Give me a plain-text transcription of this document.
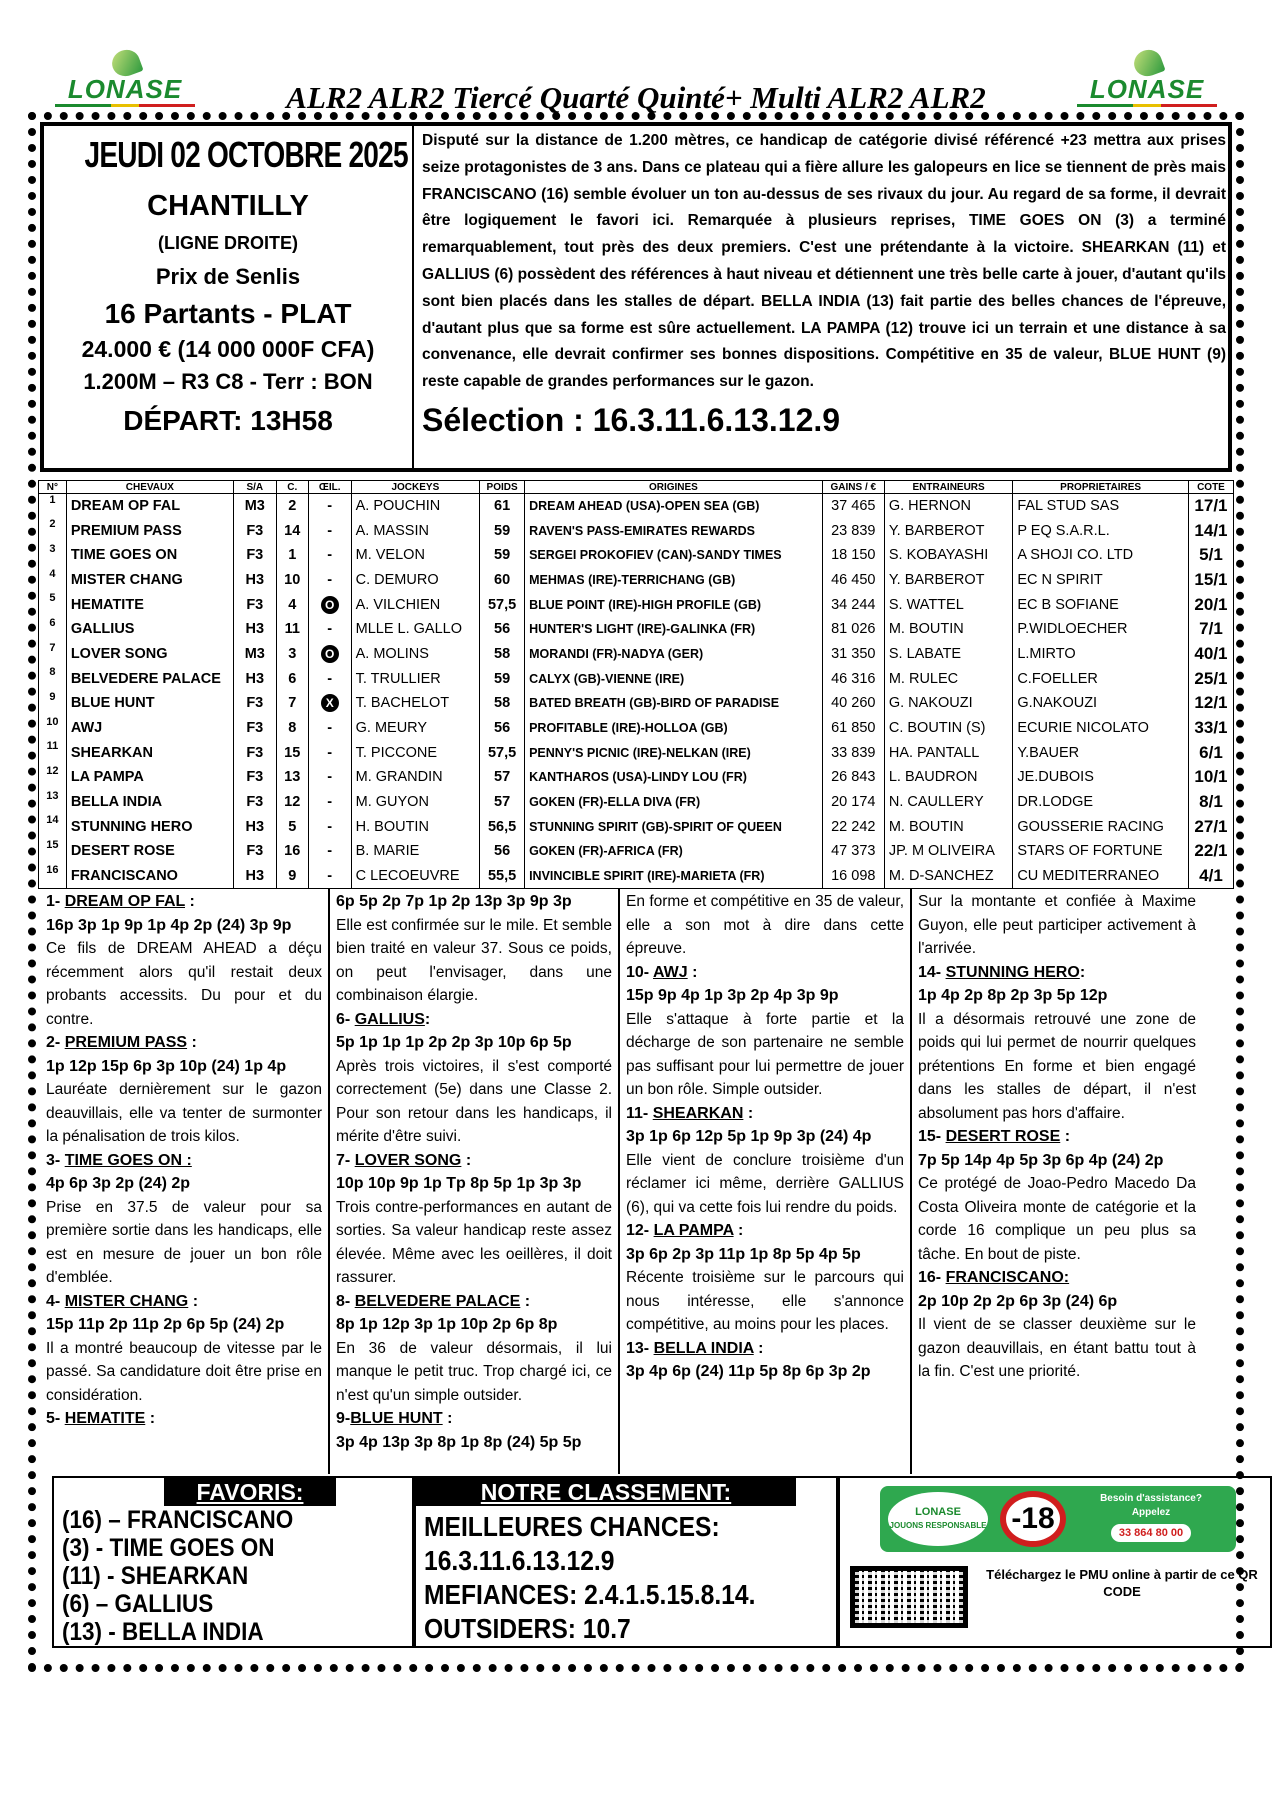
LONASE	ALR2 ALR2 Tiercé Quarté Quinté+ Multi ALR2 ALR2	LONASE
JEUDI 02 OCTOBRE 2025
CHANTILLY
(LIGNE DROITE)
Prix de Senlis
16 Partants - PLAT
24.000 € (14 000 000F CFA)
1.200M – R3 C8 - Terr : BON
DÉPART: 13H58

Disputé sur la distance de 1.200 mètres, ce handicap de catégorie divisé référencé +23 mettra aux prises seize protagonistes de 3 ans. Dans ce plateau qui a fière allure les galopeurs en lice se tiennent de près mais FRANCISCANO (16) semble évoluer un ton au-dessus de ses rivaux du jour. Au regard de sa forme, il devrait être logiquement le favori ici. Remarquée à plusieurs reprises, TIME GOES ON (3) a terminé remarquablement, tout près des deux premiers. C'est une prétendante à la victoire. SHEARKAN (11) et GALLIUS (6) possèdent des références à haut niveau et détiennent une très belle carte à jouer, d'autant qu'ils sont bien placés dans les stalles de départ. BELLA INDIA (13) fait partie des belles chances de l'épreuve, d'autant plus que sa forme est sûre actuellement. LA PAMPA (12) trouve ici un terrain et une distance à sa convenance, elle devrait confirmer ses bonnes dispositions. Compétitive en 35 de valeur, BLUE HUNT (9) reste capable de grandes performances sur le gazon.

Sélection : 16.3.11.6.13.12.9
N°	CHEVAUX	S/A	C.	ŒIL.	JOCKEYS	POIDS	ORIGINES	GAINS / €	ENTRAINEURS	PROPRIETAIRES	COTE
1	DREAM OP FAL	M3	2	-	A. POUCHIN	61	DREAM AHEAD (USA)-OPEN SEA (GB)	37 465	G. HERNON	FAL STUD SAS	17/1
2	PREMIUM PASS	F3	14	-	A. MASSIN	59	RAVEN'S PASS-EMIRATES REWARDS	23 839	Y. BARBEROT	P EQ S.A.R.L.	14/1
3	TIME GOES ON	F3	1	-	M. VELON	59	SERGEI PROKOFIEV (CAN)-SANDY TIMES	18 150	S. KOBAYASHI	A SHOJI CO. LTD	5/1
4	MISTER CHANG	H3	10	-	C. DEMURO	60	MEHMAS (IRE)-TERRICHANG (GB)	46 450	Y. BARBEROT	EC N SPIRIT	15/1
5	HEMATITE	F3	4	O	A. VILCHIEN	57,5	BLUE POINT (IRE)-HIGH PROFILE (GB)	34 244	S. WATTEL	EC B SOFIANE	20/1
6	GALLIUS	H3	11	-	MLLE L. GALLO	56	HUNTER'S LIGHT (IRE)-GALINKA (FR)	81 026	M. BOUTIN	P.WIDLOECHER	7/1
7	LOVER SONG	M3	3	O	A. MOLINS	58	MORANDI (FR)-NADYA (GER)	31 350	S. LABATE	L.MIRTO	40/1
8	BELVEDERE PALACE	H3	6	-	T. TRULLIER	59	CALYX (GB)-VIENNE (IRE)	46 316	M. RULEC	C.FOELLER	25/1
9	BLUE HUNT	F3	7	X	T. BACHELOT	58	BATED BREATH (GB)-BIRD OF PARADISE	40 260	G. NAKOUZI	G.NAKOUZI	12/1
10	AWJ	F3	8	-	G. MEURY	56	PROFITABLE (IRE)-HOLLOA (GB)	61 850	C. BOUTIN (S)	ECURIE NICOLATO	33/1
11	SHEARKAN	F3	15	-	T. PICCONE	57,5	PENNY'S PICNIC (IRE)-NELKAN (IRE)	33 839	HA. PANTALL	Y.BAUER	6/1
12	LA PAMPA	F3	13	-	M. GRANDIN	57	KANTHAROS (USA)-LINDY LOU (FR)	26 843	L. BAUDRON	JE.DUBOIS	10/1
13	BELLA INDIA	F3	12	-	M. GUYON	57	GOKEN (FR)-ELLA DIVA (FR)	20 174	N. CAULLERY	DR.LODGE	8/1
14	STUNNING HERO	H3	5	-	H. BOUTIN	56,5	STUNNING SPIRIT (GB)-SPIRIT OF QUEEN	22 242	M. BOUTIN	GOUSSERIE RACING	27/1
15	DESERT ROSE	F3	16	-	B. MARIE	56	GOKEN (FR)-AFRICA (FR)	47 373	JP. M OLIVEIRA	STARS OF FORTUNE	22/1
16	FRANCISCANO	H3	9	-	C LECOEUVRE	55,5	INVINCIBLE SPIRIT (IRE)-MARIETA (FR)	16 098	M. D-SANCHEZ	CU MEDITERRANEO	4/1
1- DREAM OP FAL :
16p 3p 1p 9p 1p 4p 2p (24) 3p 9p

Ce fils de DREAM AHEAD a déçu récemment alors qu'il restait deux probants accessits. Du pour et du contre.

2- PREMIUM PASS :
1p 12p 15p 6p 3p 10p (24) 1p 4p

Lauréate dernièrement sur le gazon deauvillais, elle va tenter de surmonter la pénalisation de trois kilos.

3- TIME GOES ON :
4p 6p 3p 2p (24) 2p

Prise en 37.5 de valeur pour sa première sortie dans les handicaps, elle est en mesure de jouer un bon rôle d'emblée.

4- MISTER CHANG :
15p 11p 2p 11p 2p 6p 5p (24) 2p

Il a montré beaucoup de vitesse par le passé. Sa candidature doit être prise en considération.

5- HEMATITE :
6p 5p 2p 7p 1p 2p 13p 3p 9p 3p

Elle est confirmée sur le mile. Et semble bien traité en valeur 37. Sous ce poids, on peut l'envisager, dans une combinaison élargie.

6- GALLIUS:
5p 1p 1p 1p 2p 2p 3p 10p 6p 5p

Après trois victoires, il s'est comporté correctement (5e) dans une Classe 2. Pour son retour dans les handicaps, il mérite d'être suivi.

7- LOVER SONG :
10p 10p 9p 1p Tp 8p 5p 1p 3p 3p

Trois contre-performances en autant de sorties. Sa valeur handicap reste assez élevée. Même avec les oeillères, il doit rassurer.

8- BELVEDERE PALACE :
8p 1p 12p 3p 1p 10p 2p 6p 8p

En 36 de valeur désormais, il lui manque le petit truc. Trop chargé ici, ce n'est qu'un simple outsider.

9-BLUE HUNT :
3p 4p 13p 3p 8p 1p 8p (24) 5p 5p

En forme et compétitive en 35 de valeur, elle a son mot à dire dans cette épreuve.

10- AWJ :
15p 9p 4p 1p 3p 2p 4p 3p 9p

Elle s'attaque à forte partie et la décharge de son partenaire ne semble pas suffisant pour lui permettre de jouer un bon rôle. Simple outsider.

11- SHEARKAN :
3p 1p 6p 12p 5p 1p 9p 3p (24) 4p

Elle vient de conclure troisième d'un réclamer ici même, derrière GALLIUS (6), qui va cette fois lui rendre du poids.

12- LA PAMPA :
3p 6p 2p 3p 11p 1p 8p 5p 4p 5p

Récente troisième sur le parcours qui nous intéresse, elle s'annonce compétitive, au moins pour les places.

13- BELLA INDIA :
3p 4p 6p (24) 11p 5p 8p 6p 3p 2p

Sur la montante et confiée à Maxime Guyon, elle peut participer activement à l'arrivée.

14- STUNNING HERO:
1p 4p 2p 8p 2p 3p 5p 12p

Il a désormais retrouvé une zone de poids qui lui permet de nourrir quelques prétentions En forme et bien engagé dans les stalles de départ, il n'est absolument pas hors d'affaire.

15- DESERT ROSE :
7p 5p 14p 4p 5p 3p 6p 4p (24) 2p

Ce protégé de Joao-Pedro Macedo Da Costa Oliveira monte de catégorie et la corde 16 complique un peu plus sa tâche. En bout de piste.

16- FRANCISCANO:
2p 10p 2p 2p 6p 3p (24) 6p

Il vient de se classer deuxième sur le gazon deauvillais, en étant battu tout à la fin. C'est une priorité.

FAVORIS:
(16) – FRANCISCANO
(3) - TIME GOES ON
(11) - SHEARKAN
(6) – GALLIUS
(13) - BELLA INDIA
NOTRE CLASSEMENT:
MEILLEURES CHANCES:
16.3.11.6.13.12.9
MEFIANCES: 2.4.1.5.15.8.14.
OUTSIDERS: 10.7
LONASE
JOUONS RESPONSABLE -18
Besoin d'assistance?
Appelez
33 864 80 00
Téléchargez le PMU online à partir de ce QR CODE
